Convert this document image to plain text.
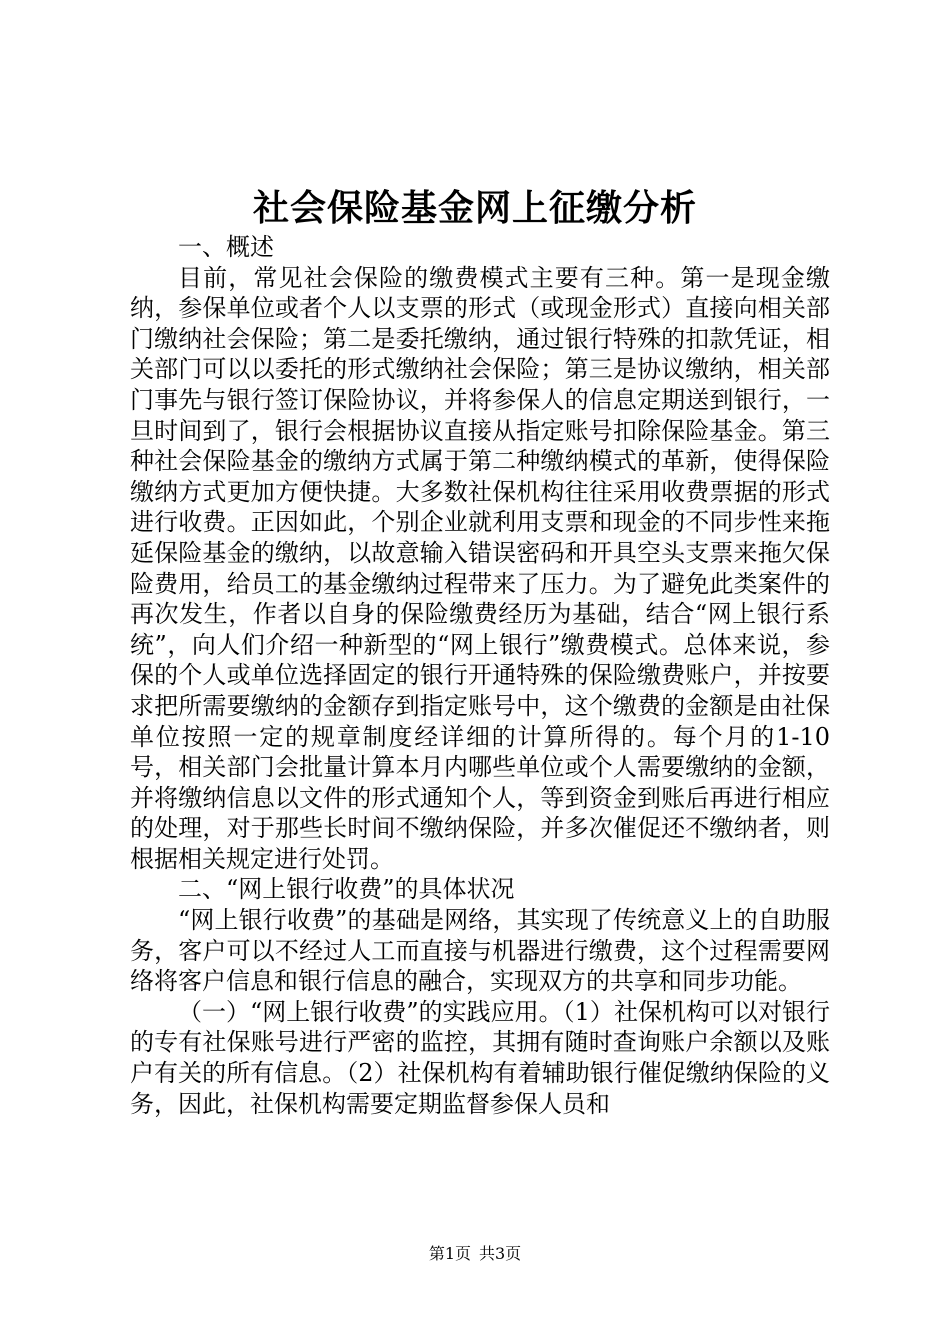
社会保险基金网上征缴分析

一、概述

目前，常见社会保险的缴费模式主要有三种。第一是现金缴纳，参保单位或者个人以支票的形式（或现金形式）直接向相关部门缴纳社会保险；第二是委托缴纳，通过银行特殊的扣款凭证，相关部门可以以委托的形式缴纳社会保险；第三是协议缴纳，相关部门事先与银行签订保险协议，并将参保人的信息定期送到银行，一旦时间到了，银行会根据协议直接从指定账号扣除保险基金。第三种社会保险基金的缴纳方式属于第二种缴纳模式的革新，使得保险缴纳方式更加方便快捷。大多数社保机构往往采用收费票据的形式进行收费。正因如此，个别企业就利用支票和现金的不同步性来拖延保险基金的缴纳，以故意输入错误密码和开具空头支票来拖欠保险费用，给员工的基金缴纳过程带来了压力。为了避免此类案件的再次发生，作者以自身的保险缴费经历为基础，结合“网上银行系统”，向人们介绍一种新型的“网上银行”缴费模式。总体来说，参保的个人或单位选择固定的银行开通特殊的保险缴费账户，并按要求把所需要缴纳的金额存到指定账号中，这个缴费的金额是由社保单位按照一定的规章制度经详细的计算所得的。每个月的1-10号，相关部门会批量计算本月内哪些单位或个人需要缴纳的金额，并将缴纳信息以文件的形式通知个人，等到资金到账后再进行相应的处理，对于那些长时间不缴纳保险，并多次催促还不缴纳者，则根据相关规定进行处罚。

二、“网上银行收费”的具体状况

“网上银行收费”的基础是网络，其实现了传统意义上的自助服务，客户可以不经过人工而直接与机器进行缴费，这个过程需要网络将客户信息和银行信息的融合，实现双方的共享和同步功能。

（一）“网上银行收费”的实践应用。（1）社保机构可以对银行的专有社保账号进行严密的监控，其拥有随时查询账户余额以及账户有关的所有信息。（2）社保机构有着辅助银行催促缴纳保险的义务，因此，社保机构需要定期监督参保人员和

第1页 共3页
